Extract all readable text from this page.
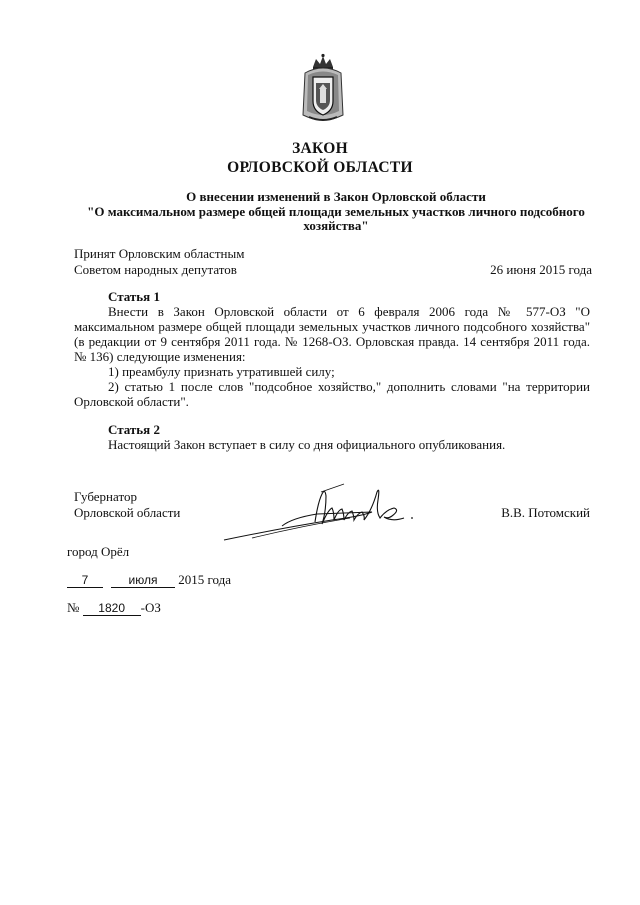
ЗАКОН
ОРЛОВСКОЙ ОБЛАСТИ
О внесении изменений в Закон Орловской области
"О максимальном размере общей площади земельных участков личного подсобного
хозяйства"
Принят Орловским областным
Советом народных депутатов	26 июня 2015 года
Статья 1
Внести в Закон Орловской области от 6 февраля 2006 года № 577-ОЗ "О максимальном размере общей площади земельных участков личного подсобного хозяйства" (в редакции от 9 сентября 2011 года. № 1268-ОЗ. Орловская правда. 14 сентября 2011 года. № 136) следующие изменения:
1) преамбулу признать утратившей силу;
2) статью 1 после слов "подсобное хозяйство," дополнить словами "на территории Орловской области".
Статья 2
Настоящий Закон вступает в силу со дня официального опубликования.
Губернатор
Орловской области	В.В. Потомский
город Орёл
7	июля 2015 года
№ 1820 -ОЗ
